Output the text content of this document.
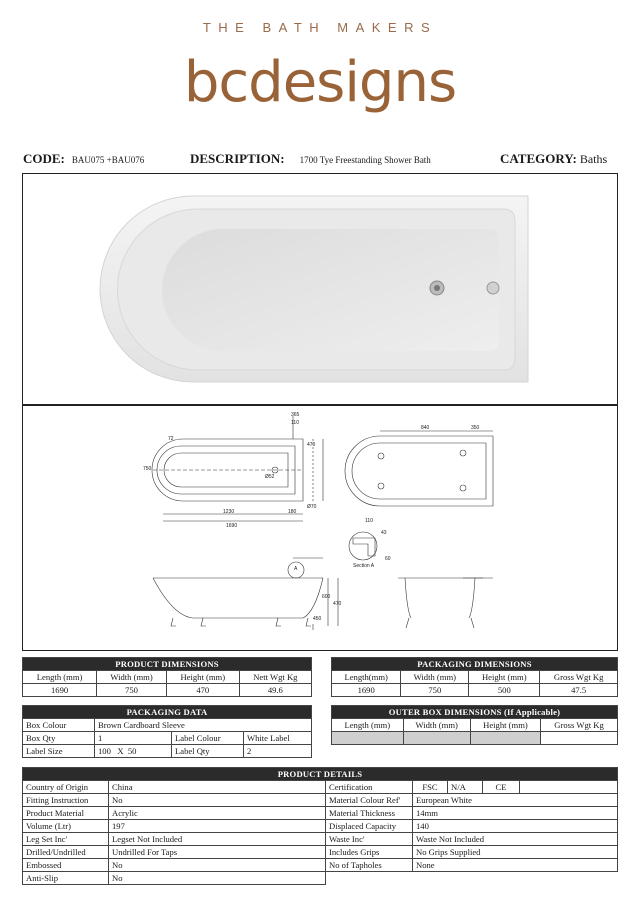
THE BATH MAKERS
bcdesigns
CODE: BAU075 +BAU076	DESCRIPTION: 1700 Tye Freestanding Shower Bath	CATEGORY: Baths
365
110
470
72
750
Ø52
Ø70
1230	180
1690
840	350
110
43
60
Section A
A
600
450
470
PRODUCT DIMENSIONS			
Length (mm)	Width (mm)	Height (mm)	Nett Wgt Kg
1690	750	470	49.6
PACKAGING DIMENSIONS			
Length(mm)	Width (mm)	Height (mm)	Gross Wgt Kg
1690	750	500	47.5
PACKAGING DATA			
Box Colour	Brown Cardboard Sleeve		
Box Qty	1	Label Colour	White Label
Label Size	100   X  50	Label Qty	2
OUTER BOX DIMENSIONS (If Applicable)			
Length (mm)	Width (mm)	Height (mm)	Gross Wgt Kg

PRODUCT DETAILS						
Country of Origin	China	Certification	FSC	N/A	CE	
Fitting Instruction	No	Material Colour Ref'	European White			
Product Material	Acrylic	Material Thickness	14mm			
Volume (Ltr)	197	Displaced Capacity	140			
Leg Set Inc'	Legset Not Included	Waste Inc'	Waste Not Included			
Drilled/Undrilled	Undrilled For Taps	Includes Grips	No Grips Supplied			
Embossed	No	No of Tapholes	None			
Anti-Slip	No					
